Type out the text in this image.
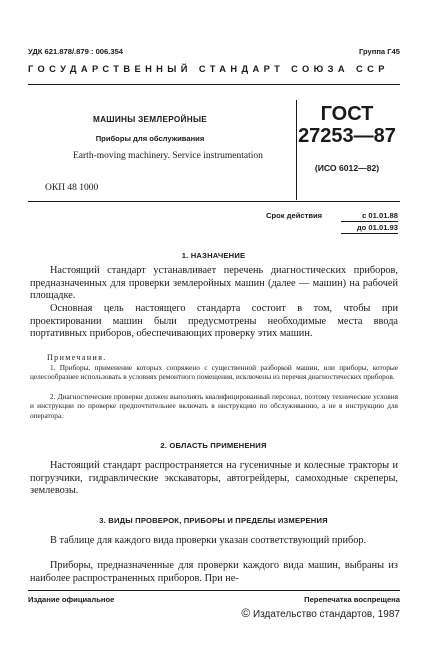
УДК 621.878/.879 : 006.354	Группа Г45
ГОСУДАРСТВЕННЫЙ СТАНДАРТ СОЮЗА ССР
МАШИНЫ ЗЕМЛЕРОЙНЫЕ
Приборы для обслуживания
Earth-moving machinery. Service instrumentation
ОКП 48 1000
ГОСТ
27253—87
(ИСО 6012—82)
Срок действия	с 01.01.88
до 01.01.93
1. НАЗНАЧЕНИЕ
Настоящий стандарт устанавливает перечень диагностических приборов, предназначенных для проверки землеройных машин (далее — машин) на рабочей площадке.
Основная цель настоящего стандарта состоит в том, чтобы при проектировании машин были предусмотрены необходимые места ввода портативных приборов, обеспечивающих проверку этих машин.
Примечания.
1. Приборы, применение которых сопряжено с существенной разборкой машин, или приборы, которые целесообразнее использовать в условиях ремонтного помещения, исключены из перечня диагностических приборов.
2. Диагностические проверки должен выполнять квалифицированный персонал, поэтому технические условия и инструкции по проверке предпочтительнее включать в инструкцию по обслуживанию, а не в инструкцию для оператора.
2. ОБЛАСТЬ ПРИМЕНЕНИЯ
Настоящий стандарт распространяется на гусеничные и колесные тракторы и погрузчики, гидравлические экскаваторы, автогрейдеры, самоходные скреперы, землевозы.
3. ВИДЫ ПРОВЕРОК, ПРИБОРЫ И ПРЕДЕЛЫ ИЗМЕРЕНИЯ
В таблице для каждого вида проверки указан соответствующий прибор.
Приборы, предназначенные для проверки каждого вида машин, выбраны из наиболее распространенных приборов. При не-
Издание официальное	Перепечатка воспрещена
© Издательство стандартов, 1987
